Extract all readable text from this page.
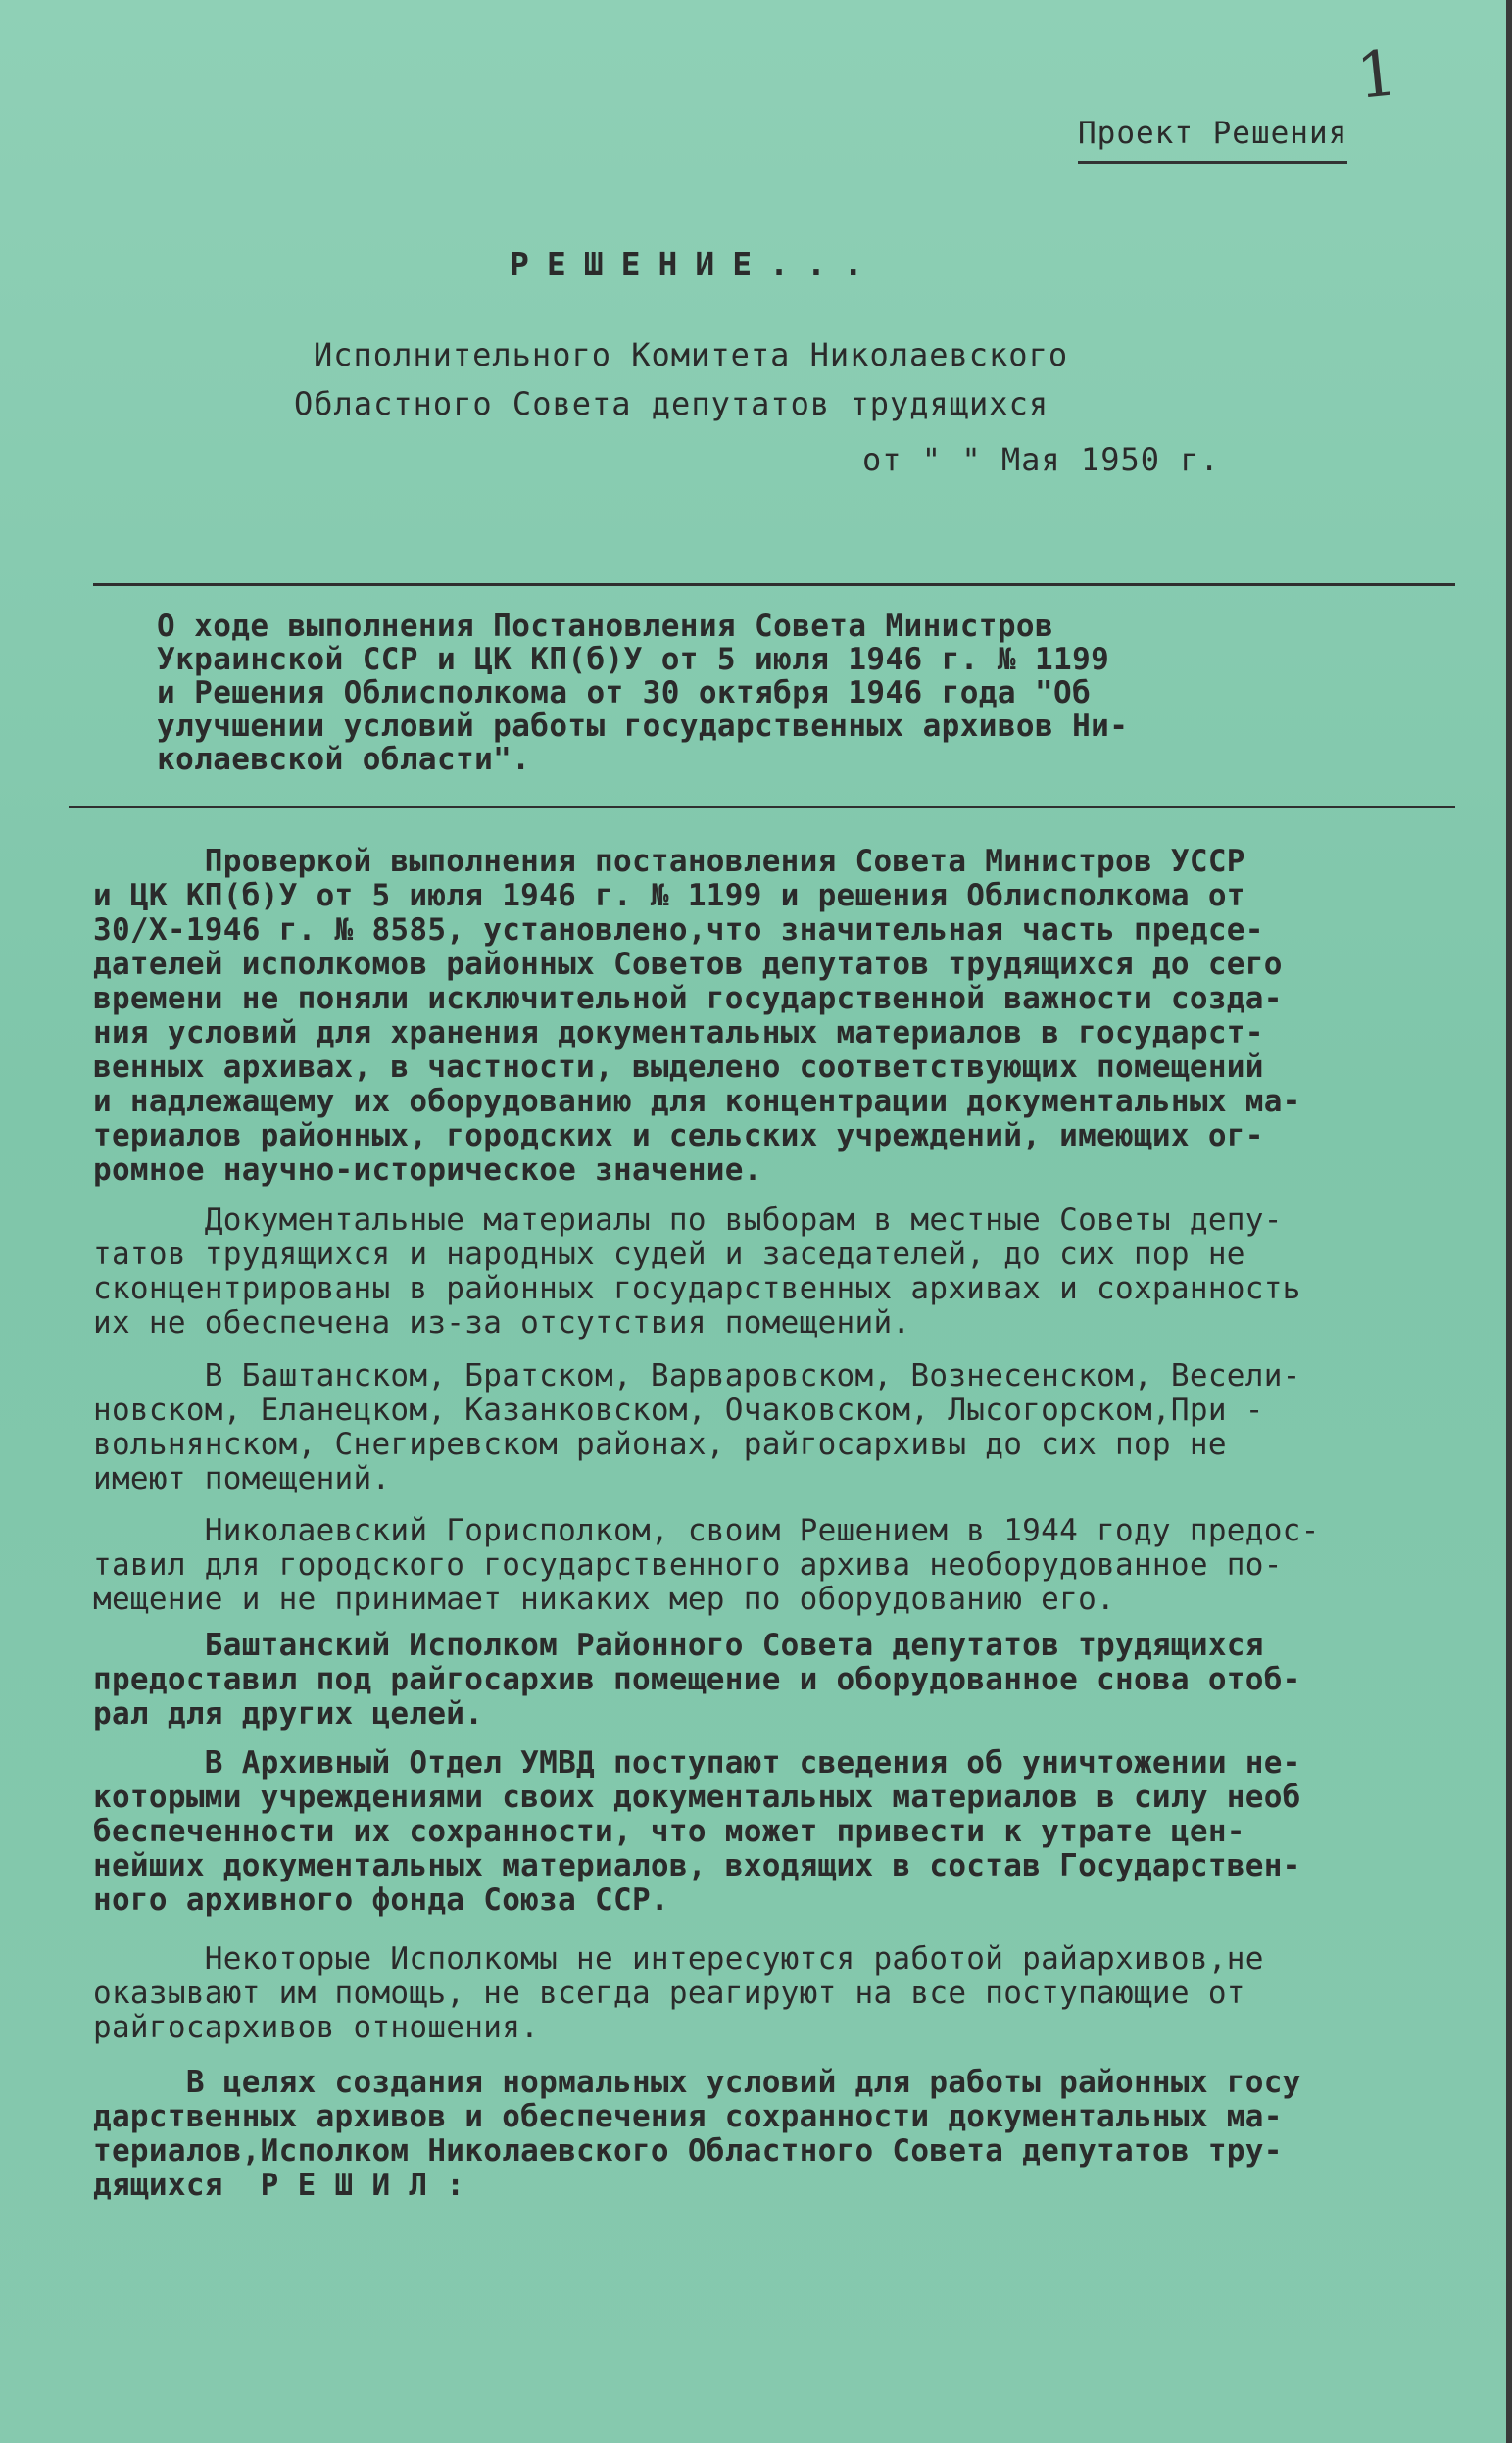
1
Проект Решения
РЕШЕНИЕ...
Исполнительного Комитета Николаевского
Областного Совета депутатов трудящихся
от " " Мая 1950 г.
О ходе выполнения Постановления Совета Министров
Украинской ССР и ЦК КП(б)У от 5 июля 1946 г. № 1199
и Решения Облисполкома от 30 октября 1946 года "Об
улучшении условий работы государственных архивов Ни-
колаевской области".
Проверкой выполнения постановления Совета Министров УССР
и ЦК КП(б)У от 5 июля 1946 г. № 1199 и решения Облисполкома от
30/X-1946 г. № 8585, установлено,что значительная часть предсе-
дателей исполкомов районных Советов депутатов трудящихся до сего
времени не поняли исключительной государственной важности созда-
ния условий для хранения документальных материалов в государст-
венных архивах, в частности, выделено соответствующих помещений
и надлежащему их оборудованию для концентрации документальных ма-
териалов районных, городских и сельских учреждений, имеющих ог-
ромное научно-историческое значение.
Документальные материалы по выборам в местные Советы депу-
татов трудящихся и народных судей и заседателей, до сих пор не
сконцентрированы в районных государственных архивах и сохранность
их не обеспечена из-за отсутствия помещений.
В Баштанском, Братском, Варваровском, Вознесенском, Весели-
новском, Еланецком, Казанковском, Очаковском, Лысогорском,При -
вольнянском, Снегиревском районах, райгосархивы до сих пор не
имеют помещений.
Николаевский Горисполком, своим Решением в 1944 году предос-
тавил для городского государственного архива необорудованное по-
мещение и не принимает никаких мер по оборудованию его.
Баштанский Исполком Районного Совета депутатов трудящихся
предоставил под райгосархив помещение и оборудованное снова отоб-
рал для других целей.
В Архивный Отдел УМВД поступают сведения об уничтожении не-
которыми учреждениями своих документальных материалов в силу необ
беспеченности их сохранности, что может привести к утрате цен-
нейших документальных материалов, входящих в состав Государствен-
ного архивного фонда Союза ССР.
Некоторые Исполкомы не интересуются работой райархивов,не
оказывают им помощь, не всегда реагируют на все поступающие от
райгосархивов отношения.
В целях создания нормальных условий для работы районных госу
дарственных архивов и обеспечения сохранности документальных ма-
териалов,Исполком Николаевского Областного Совета депутатов тру-
дящихся  Р Е Ш И Л :
